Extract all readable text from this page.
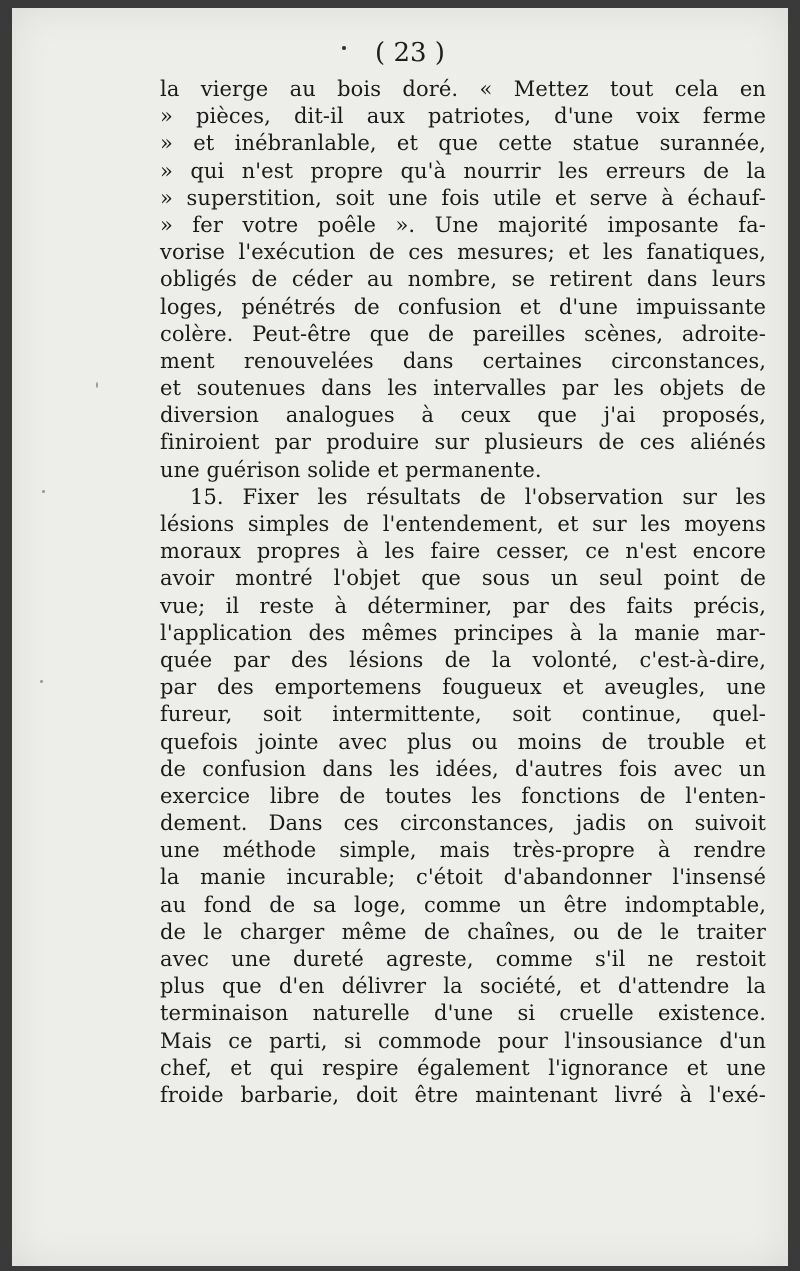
( 23 )
la vierge au bois doré. « Mettez tout cela en
» pièces, dit-il aux patriotes, d'une voix ferme
» et inébranlable, et que cette statue surannée,
» qui n'est propre qu'à nourrir les erreurs de la
» superstition, soit une fois utile et serve à échauf-
» fer votre poêle ». Une majorité imposante fa-
vorise l'exécution de ces mesures; et les fanatiques,
obligés de céder au nombre, se retirent dans leurs
loges, pénétrés de confusion et d'une impuissante
colère. Peut-être que de pareilles scènes, adroite-
ment renouvelées dans certaines circonstances,
et soutenues dans les intervalles par les objets de
diversion analogues à ceux que j'ai proposés,
finiroient par produire sur plusieurs de ces aliénés
une guérison solide et permanente.
15. Fixer les résultats de l'observation sur les
lésions simples de l'entendement, et sur les moyens
moraux propres à les faire cesser, ce n'est encore
avoir montré l'objet que sous un seul point de
vue; il reste à déterminer, par des faits précis,
l'application des mêmes principes à la manie mar-
quée par des lésions de la volonté, c'est-à-dire,
par des emportemens fougueux et aveugles, une
fureur, soit intermittente, soit continue, quel-
quefois jointe avec plus ou moins de trouble et
de confusion dans les idées, d'autres fois avec un
exercice libre de toutes les fonctions de l'enten-
dement. Dans ces circonstances, jadis on suivoit
une méthode simple, mais très-propre à rendre
la manie incurable; c'étoit d'abandonner l'insensé
au fond de sa loge, comme un être indomptable,
de le charger même de chaînes, ou de le traiter
avec une dureté agreste, comme s'il ne restoit
plus que d'en délivrer la société, et d'attendre la
terminaison naturelle d'une si cruelle existence.
Mais ce parti, si commode pour l'insousiance d'un
chef, et qui respire également l'ignorance et une
froide barbarie, doit être maintenant livré à l'exé-
